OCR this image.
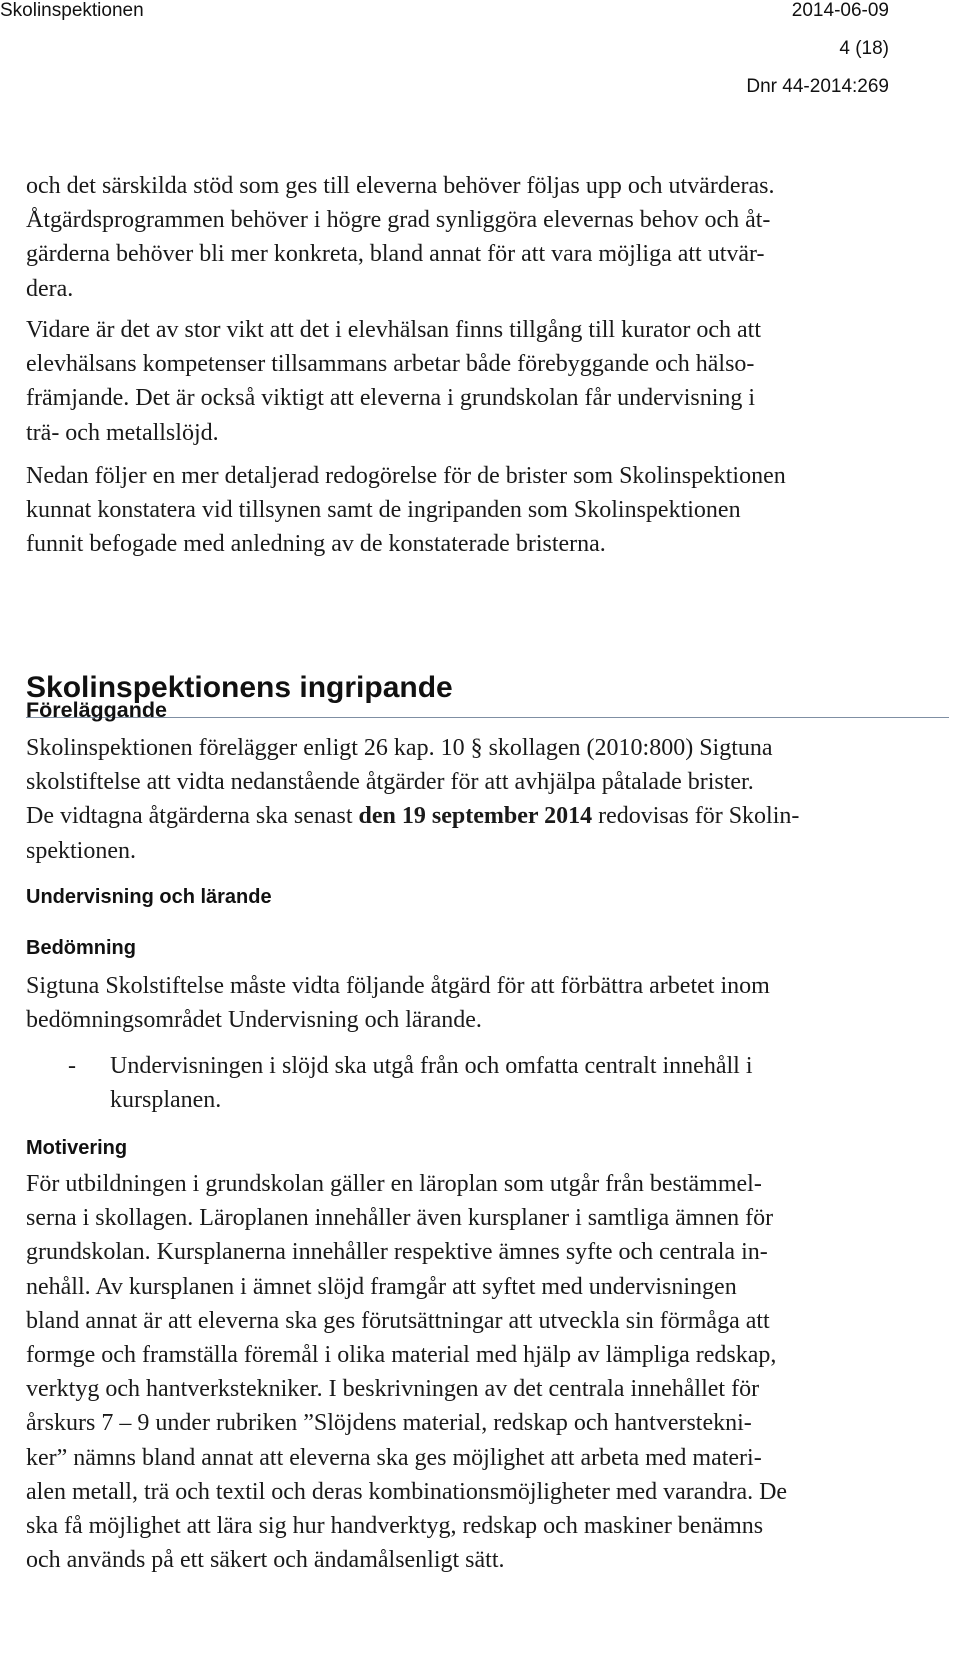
Skolinspektionen	2014-06-09
4 (18)
Dnr 44-2014:269

och det särskilda stöd som ges till eleverna behöver följas upp och utvärderas.
Åtgärdsprogrammen behöver i högre grad synliggöra elevernas behov och åt-
gärderna behöver bli mer konkreta, bland annat för att vara möjliga att utvär-
dera.

Vidare är det av stor vikt att det i elevhälsan finns tillgång till kurator och att
elevhälsans kompetenser tillsammans arbetar både förebyggande och hälso-
främjande. Det är också viktigt att eleverna i grundskolan får undervisning i
trä- och metallslöjd.

Nedan följer en mer detaljerad redogörelse för de brister som Skolinspektionen
kunnat konstatera vid tillsynen samt de ingripanden som Skolinspektionen
funnit befogade med anledning av de konstaterade bristerna.

Skolinspektionens ingripande
Föreläggande

Skolinspektionen förelägger enligt 26 kap. 10 § skollagen (2010:800) Sigtuna
skolstiftelse att vidta nedanstående åtgärder för att avhjälpa påtalade brister.
De vidtagna åtgärderna ska senast den 19 september 2014 redovisas för Skolin-
spektionen.

Undervisning och lärande
Bedömning

Sigtuna Skolstiftelse måste vidta följande åtgärd för att förbättra arbetet inom
bedömningsområdet Undervisning och lärande.

- Undervisningen i slöjd ska utgå från och omfatta centralt innehåll i
kursplanen.

Motivering

För utbildningen i grundskolan gäller en läroplan som utgår från bestämmel-
serna i skollagen. Läroplanen innehåller även kursplaner i samtliga ämnen för
grundskolan. Kursplanerna innehåller respektive ämnes syfte och centrala in-
nehåll. Av kursplanen i ämnet slöjd framgår att syftet med undervisningen
bland annat är att eleverna ska ges förutsättningar att utveckla sin förmåga att
formge och framställa föremål i olika material med hjälp av lämpliga redskap,
verktyg och hantverkstekniker. I beskrivningen av det centrala innehållet för
årskurs 7 – 9 under rubriken ”Slöjdens material, redskap och hantverstekni-
ker” nämns bland annat att eleverna ska ges möjlighet att arbeta med materi-
alen metall, trä och textil och deras kombinationsmöjligheter med varandra. De
ska få möjlighet att lära sig hur handverktyg, redskap och maskiner benämns
och används på ett säkert och ändamålsenligt sätt.
